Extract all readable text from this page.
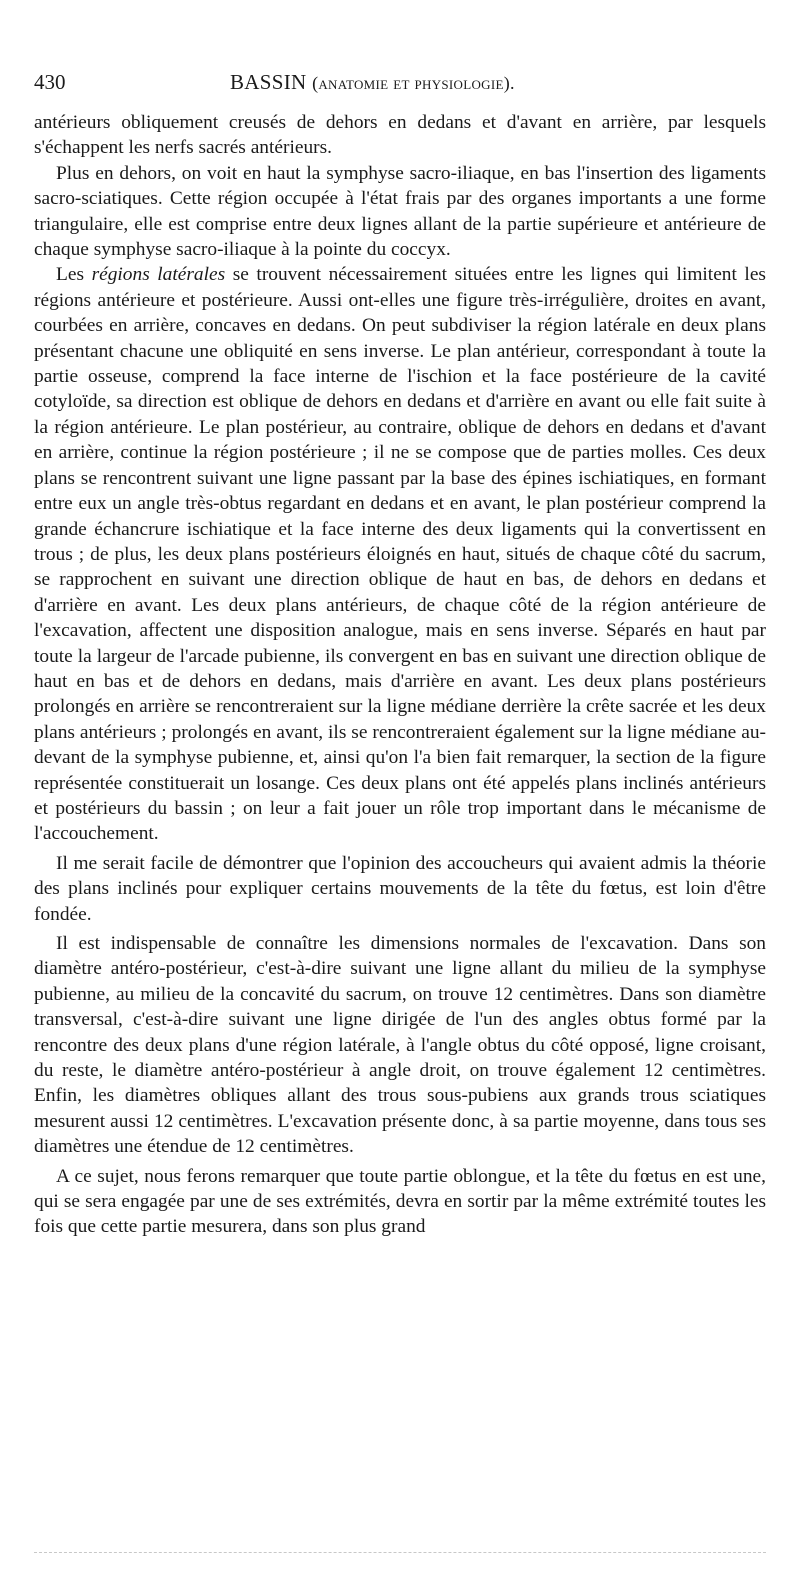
430	BASSIN (anatomie et physiologie).

antérieurs obliquement creusés de dehors en dedans et d'avant en arrière, par lesquels s'échappent les nerfs sacrés antérieurs.

Plus en dehors, on voit en haut la symphyse sacro-iliaque, en bas l'insertion des ligaments sacro-sciatiques. Cette région occupée à l'état frais par des organes importants a une forme triangulaire, elle est comprise entre deux lignes allant de la partie supérieure et antérieure de chaque symphyse sacro-iliaque à la pointe du coccyx.

Les régions latérales se trouvent nécessairement situées entre les lignes qui limitent les régions antérieure et postérieure. Aussi ont-elles une figure très-irrégulière, droites en avant, courbées en arrière, concaves en dedans. On peut subdiviser la région latérale en deux plans présentant chacune une obliquité en sens inverse. Le plan antérieur, correspondant à toute la partie osseuse, comprend la face interne de l'ischion et la face postérieure de la cavité cotyloïde, sa direction est oblique de dehors en dedans et d'arrière en avant ou elle fait suite à la région antérieure. Le plan postérieur, au contraire, oblique de dehors en dedans et d'avant en arrière, continue la région postérieure ; il ne se compose que de parties molles. Ces deux plans se rencontrent suivant une ligne passant par la base des épines ischiatiques, en formant entre eux un angle très-obtus regardant en dedans et en avant, le plan postérieur comprend la grande échancrure ischiatique et la face interne des deux ligaments qui la convertissent en trous ; de plus, les deux plans postérieurs éloignés en haut, situés de chaque côté du sacrum, se rapprochent en suivant une direction oblique de haut en bas, de dehors en dedans et d'arrière en avant. Les deux plans antérieurs, de chaque côté de la région antérieure de l'excavation, affectent une disposition analogue, mais en sens inverse. Séparés en haut par toute la largeur de l'arcade pubienne, ils convergent en bas en suivant une direction oblique de haut en bas et de dehors en dedans, mais d'arrière en avant. Les deux plans postérieurs prolongés en arrière se rencontreraient sur la ligne médiane derrière la crête sacrée et les deux plans antérieurs ; prolongés en avant, ils se rencontreraient également sur la ligne médiane au-devant de la symphyse pubienne, et, ainsi qu'on l'a bien fait remarquer, la section de la figure représentée constituerait un losange. Ces deux plans ont été appelés plans inclinés antérieurs et postérieurs du bassin ; on leur a fait jouer un rôle trop important dans le mécanisme de l'accouchement.

Il me serait facile de démontrer que l'opinion des accoucheurs qui avaient admis la théorie des plans inclinés pour expliquer certains mouvements de la tête du fœtus, est loin d'être fondée.

Il est indispensable de connaître les dimensions normales de l'excavation. Dans son diamètre antéro-postérieur, c'est-à-dire suivant une ligne allant du milieu de la symphyse pubienne, au milieu de la concavité du sacrum, on trouve 12 centimètres. Dans son diamètre transversal, c'est-à-dire suivant une ligne dirigée de l'un des angles obtus formé par la rencontre des deux plans d'une région latérale, à l'angle obtus du côté opposé, ligne croisant, du reste, le diamètre antéro-postérieur à angle droit, on trouve également 12 centimètres. Enfin, les diamètres obliques allant des trous sous-pubiens aux grands trous sciatiques mesurent aussi 12 centimètres. L'excavation présente donc, à sa partie moyenne, dans tous ses diamètres une étendue de 12 centimètres.

A ce sujet, nous ferons remarquer que toute partie oblongue, et la tête du fœtus en est une, qui se sera engagée par une de ses extrémités, devra en sortir par la même extrémité toutes les fois que cette partie mesurera, dans son plus grand
